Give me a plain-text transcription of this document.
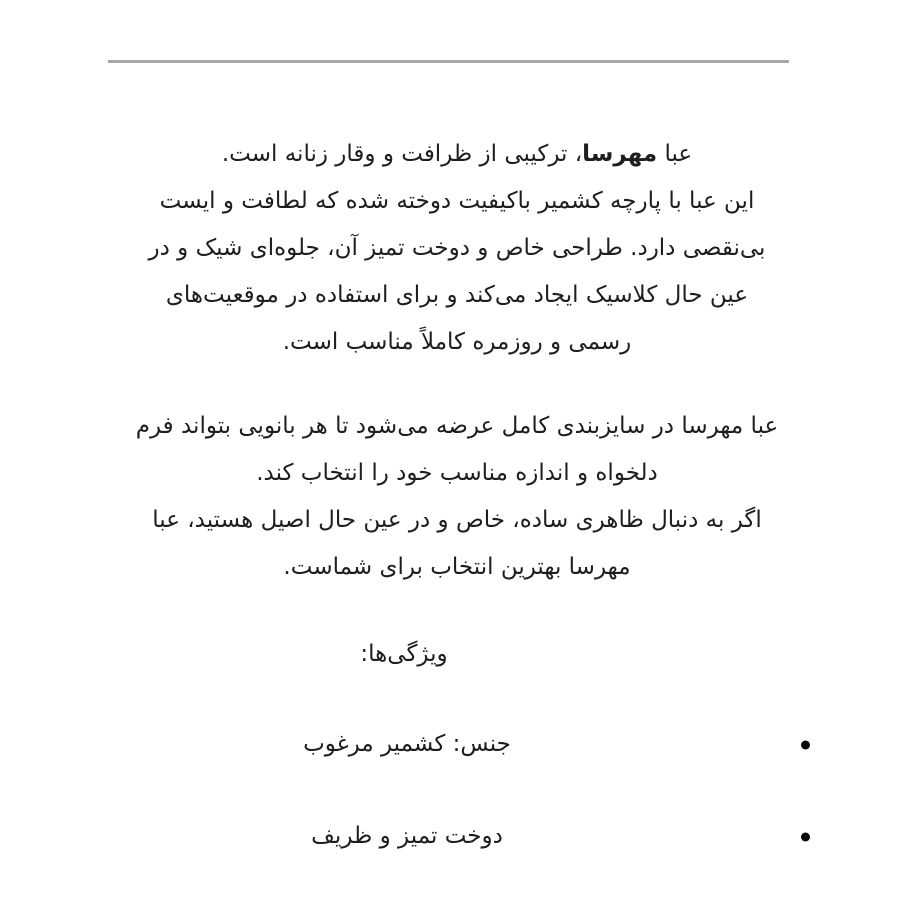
عبا مهرسا، ترکیبی از ظرافت و وقار زنانه است.
این عبا با پارچه کشمیر باکیفیت دوخته شده که لطافت و ایست
بی‌نقصی دارد. طراحی خاص و دوخت تمیز آن، جلوه‌ای شیک و در
عین حال کلاسیک ایجاد می‌کند و برای استفاده در موقعیت‌های
رسمی و روزمره کاملاً مناسب است.
عبا مهرسا در سایزبندی کامل عرضه می‌شود تا هر بانویی بتواند فرم
دلخواه و اندازه مناسب خود را انتخاب کند.
اگر به دنبال ظاهری ساده، خاص و در عین حال اصیل هستید، عبا
مهرسا بهترین انتخاب برای شماست.
ویژگی‌ها:
جنس: کشمیر مرغوب
دوخت تمیز و ظریف
